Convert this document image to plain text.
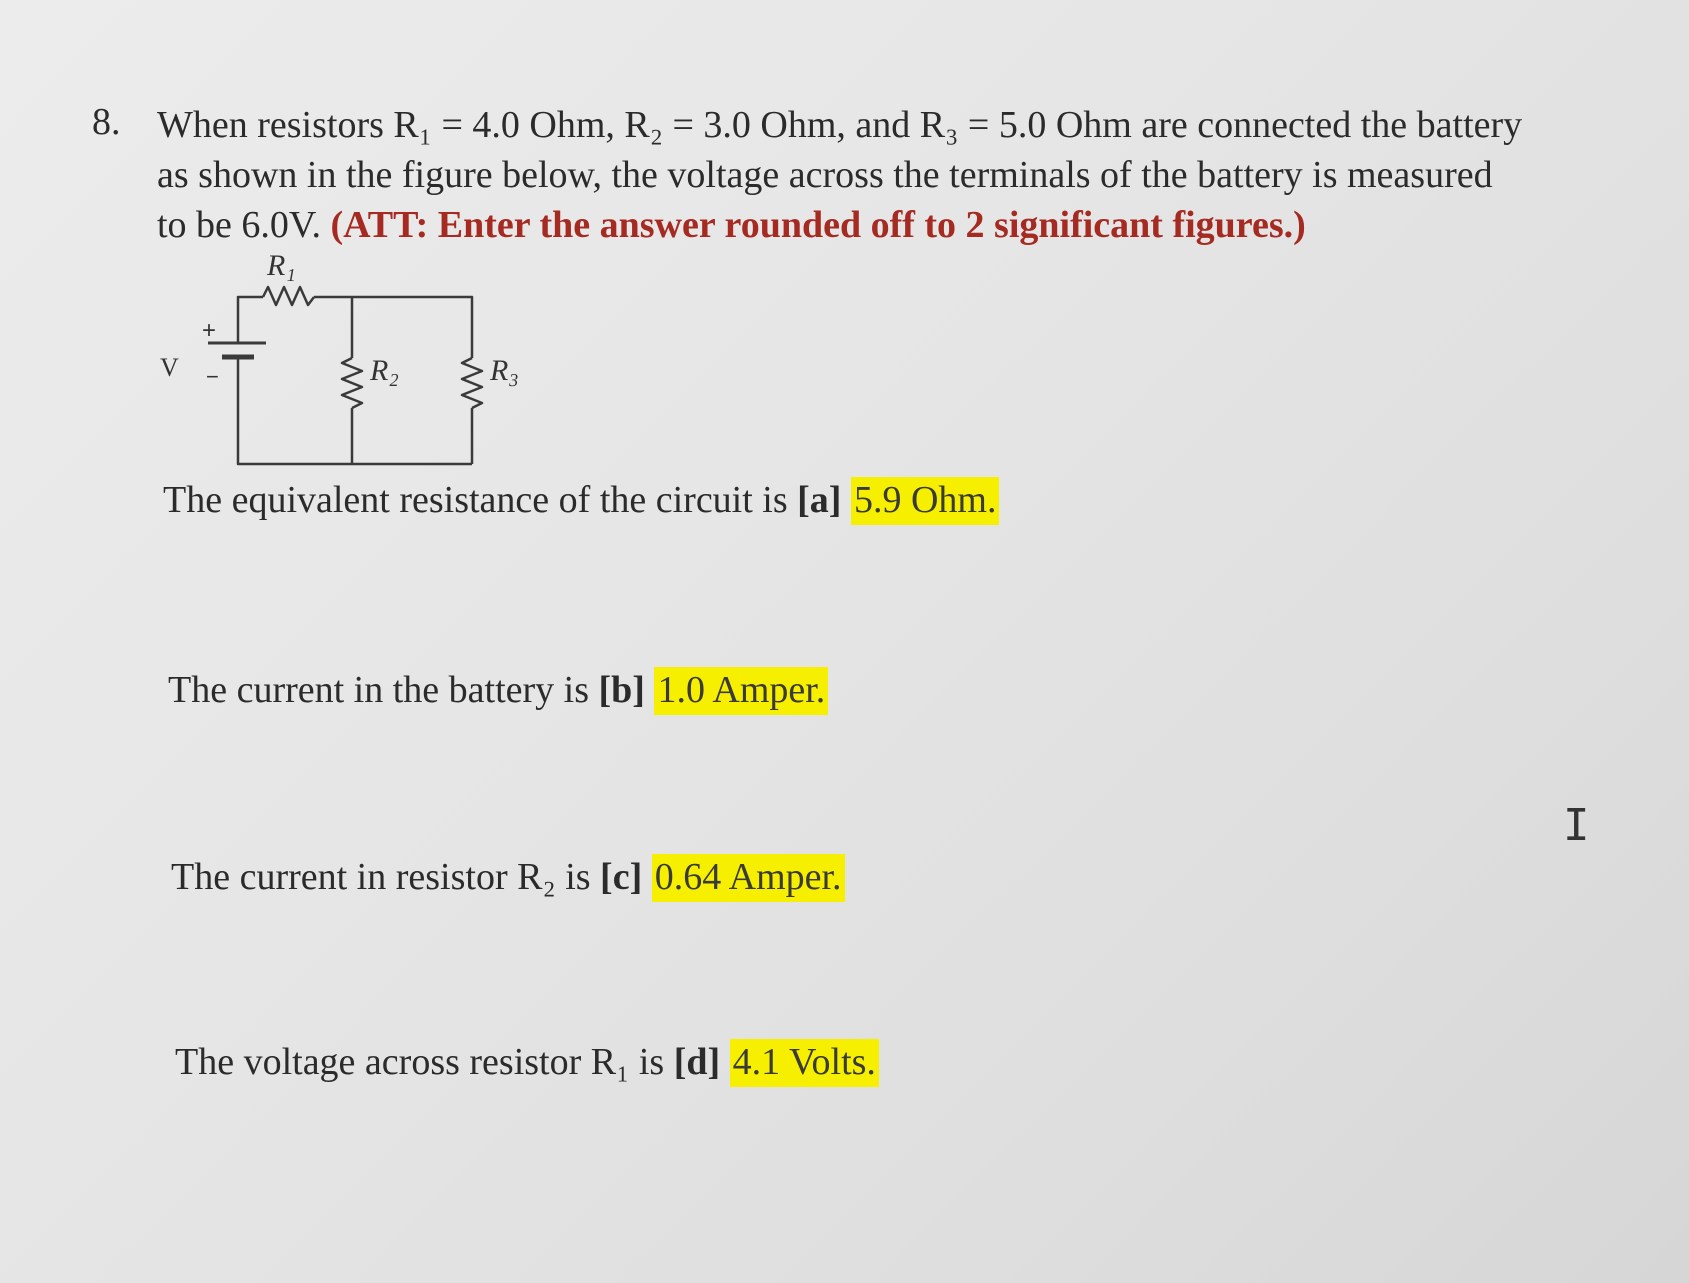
8. When resistors R₁ = 4.0 Ohm, R₂ = 3.0 Ohm, and R₃ = 5.0 Ohm are connected the battery
as shown in the figure below, the voltage across the terminals of the battery is measured
to be 6.0V. (ATT: Enter the answer rounded off to 2 significant figures.)
R₁
R₂	R₃
V
+
−
The equivalent resistance of the circuit is [a] 5.9 Ohm.
The current in the battery is [b] 1.0 Amper.
The current in resistor R₂ is [c] 0.64 Amper.
The voltage across resistor R₁ is [d] 4.1 Volts.
I
